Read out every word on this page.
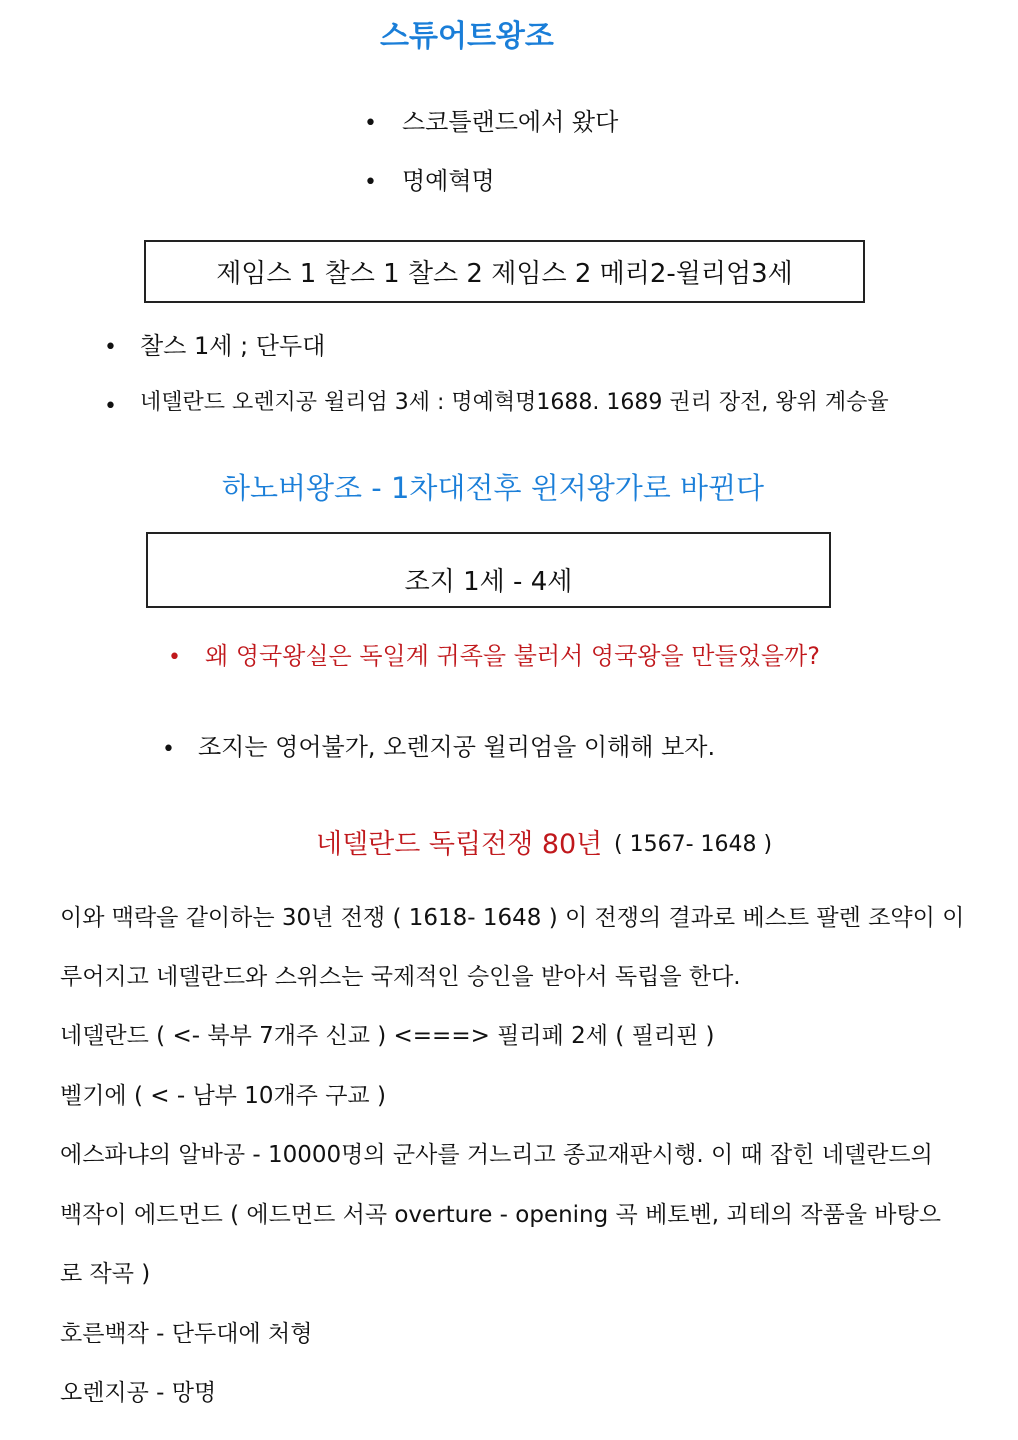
스튜어트왕조
• 스코틀랜드에서 왔다
• 명예혁명
제임스 1 찰스 1 찰스 2 제임스 2 메리2-윌리엄3세
• 찰스 1세 ; 단두대
• 네델란드 오렌지공 윌리엄 3세 : 명예혁명1688. 1689 권리 장전, 왕위 계승율
하노버왕조 - 1차대전후 윈저왕가로 바뀐다
조지 1세 - 4세
• 왜 영국왕실은 독일계 귀족을 불러서 영국왕을 만들었을까?
• 조지는 영어불가, 오렌지공 윌리엄을 이해해 보자.
네델란드 독립전쟁 80년 ( 1567- 1648 )
이와 맥락을 같이하는 30년 전쟁 ( 1618- 1648 ) 이 전쟁의 결과로 베스트 팔렌 조약이 이
루어지고 네델란드와 스위스는 국제적인 승인을 받아서 독립을 한다.
네델란드 ( <- 북부 7개주 신교 ) <===> 필리페 2세 ( 필리핀 )
벨기에 ( < - 남부 10개주 구교 )
에스파냐의 알바공 - 10000명의 군사를 거느리고 종교재판시행. 이 때 잡힌 네델란드의
백작이 에드먼드 ( 에드먼드 서곡 overture - opening 곡 베토벤, 괴테의 작품울 바탕으
로 작곡 )
호른백작 - 단두대에 처형
오렌지공 - 망명
